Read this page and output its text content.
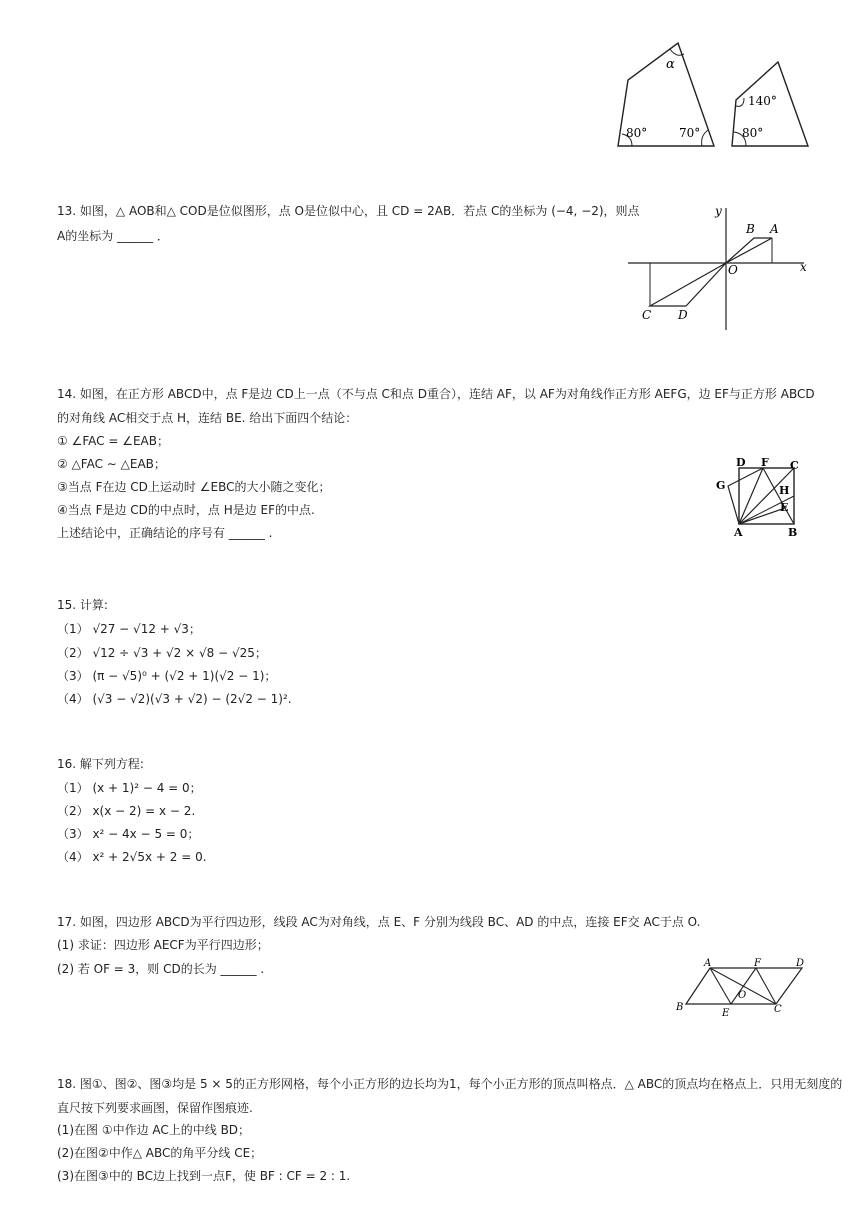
α
80°	70°
140°
80°
13. 如图，△ AOB和△ COD是位似图形，点 O是位似中心，且 CD = 2AB．若点 C的坐标为 (−4, −2)，则点
A的坐标为 ______ ．
y
x
O
A
B
C D
14. 如图，在正方形 ABCD中，点 F是边 CD上一点（不与点 C和点 D重合），连结 AF，以 AF为对角线作正方形 AEFG，边 EF与正方形 ABCD
的对角线 AC相交于点 H，连结 BE. 给出下面四个结论：
① ∠FAC = ∠EAB；
② △FAC ∼ △EAB；
③当点 F在边 CD上运动时 ∠EBC的大小随之变化；
④当点 F是边 CD的中点时，点 H是边 EF的中点.
上述结论中，正确结论的序号有 ______ .
D F C
G	H
E
A	B
15. 计算:
（1） √27 − √12 + √3；
（2） √12 ÷ √3 + √2 × √8 − √25；
（3） (π − √5)⁰ + (√2 + 1)(√2 − 1)；
（4） (√3 − √2)(√3 + √2) − (2√2 − 1)².
16. 解下列方程:
（1） (x + 1)² − 4 = 0；
（2） x(x − 2) = x − 2.
（3） x² − 4x − 5 = 0；
（4） x² + 2√5x + 2 = 0.
17. 如图，四边形 ABCD为平行四边形，线段 AC为对角线，点 E、F 分别为线段 BC、AD 的中点，连接 EF交 AC于点 O.
(1) 求证：四边形 AECF为平行四边形；
(2) 若 OF = 3，则 CD的长为 ______ .	A	F	D
O
B
E	C
18. 图①、图②、图③均是 5 × 5的正方形网格，每个小正方形的边长均为1，每个小正方形的顶点叫格点．△ ABC的顶点均在格点上．只用无刻度的
直尺按下列要求画图，保留作图痕迹.
(1)在图 ①中作边 AC上的中线 BD；
(2)在图②中作△ ABC的角平分线 CE；
(3)在图③中的 BC边上找到一点F，使 BF : CF = 2 : 1.
